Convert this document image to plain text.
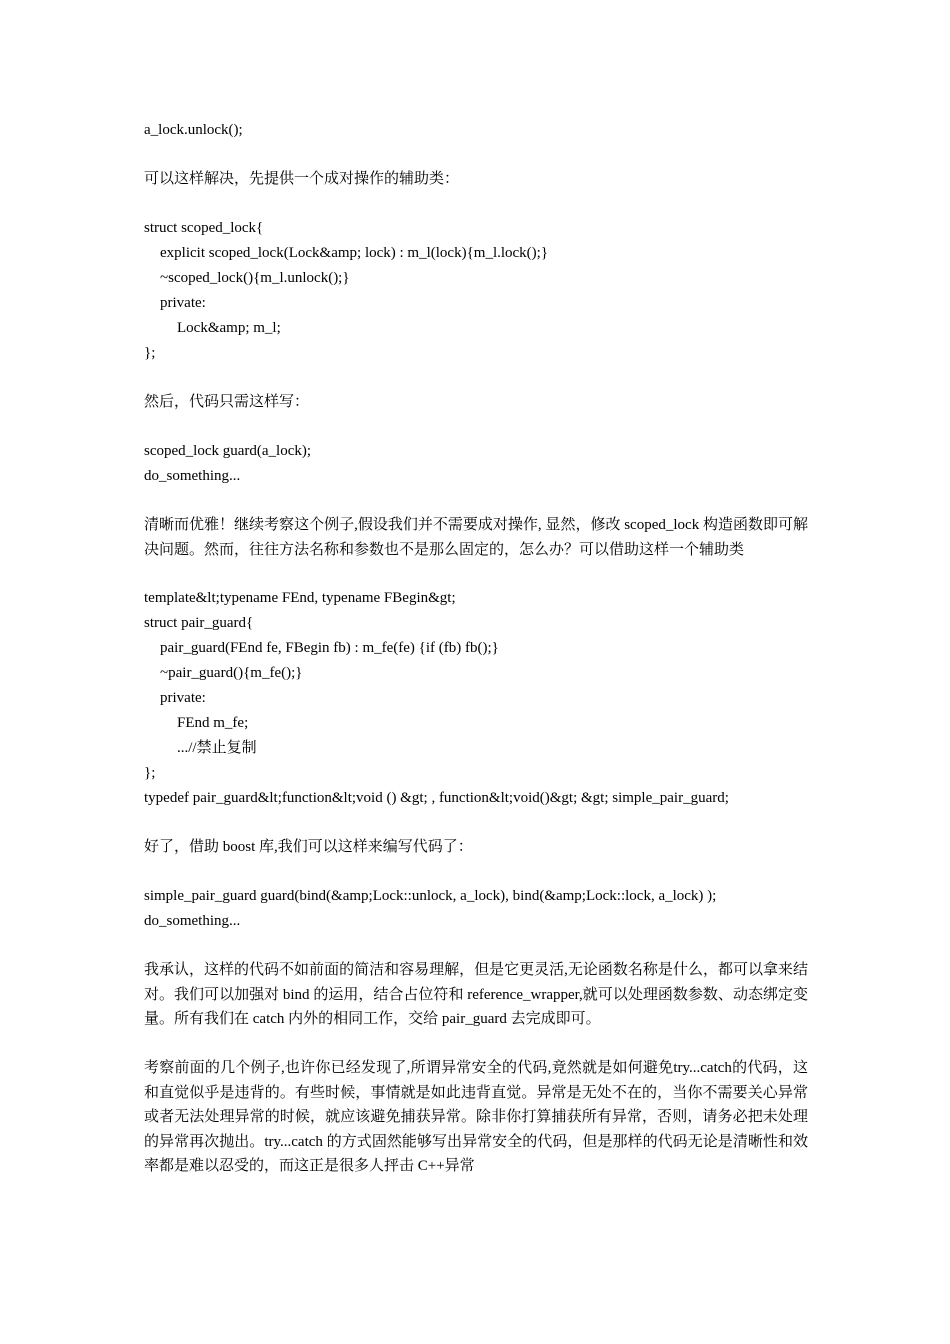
a_lock.unlock();
可以这样解决，先提供一个成对操作的辅助类：
struct scoped_lock{
explicit scoped_lock(Lock&amp; lock) : m_l(lock){m_l.lock();}
~scoped_lock(){m_l.unlock();}
private:
Lock&amp; m_l;
};
然后，代码只需这样写：
scoped_lock guard(a_lock);
do_something...

清晰而优雅！继续考察这个例子,假设我们并不需要成对操作, 显然，修改 scoped_lock 构造函数即可解决问题。然而，往往方法名称和参数也不是那么固定的，怎么办？可以借助这样一个辅助类

template&lt;typename FEnd, typename FBegin&gt;
struct pair_guard{
pair_guard(FEnd fe, FBegin fb) : m_fe(fe) {if (fb) fb();}
~pair_guard(){m_fe();}
private:
FEnd m_fe;
...//禁止复制
};
typedef pair_guard&lt;function&lt;void () &gt; , function&lt;void()&gt; &gt; simple_pair_guard;
好了，借助 boost 库,我们可以这样来编写代码了：
simple_pair_guard guard(bind(&amp;Lock::unlock, a_lock), bind(&amp;Lock::lock, a_lock) );
do_something...

我承认，这样的代码不如前面的简洁和容易理解，但是它更灵活,无论函数名称是什么，都可以拿来结对。我们可以加强对 bind 的运用，结合占位符和 reference_wrapper,就可以处理函数参数、动态绑定变量。所有我们在 catch 内外的相同工作，交给 pair_guard 去完成即可。

考察前面的几个例子,也许你已经发现了,所谓异常安全的代码,竟然就是如何避免try...catch的代码，这和直觉似乎是违背的。有些时候，事情就是如此违背直觉。异常是无处不在的，当你不需要关心异常或者无法处理异常的时候，就应该避免捕获异常。除非你打算捕获所有异常，否则，请务必把未处理的异常再次抛出。try...catch 的方式固然能够写出异常安全的代码，但是那样的代码无论是清晰性和效率都是难以忍受的，而这正是很多人抨击 C++异常
